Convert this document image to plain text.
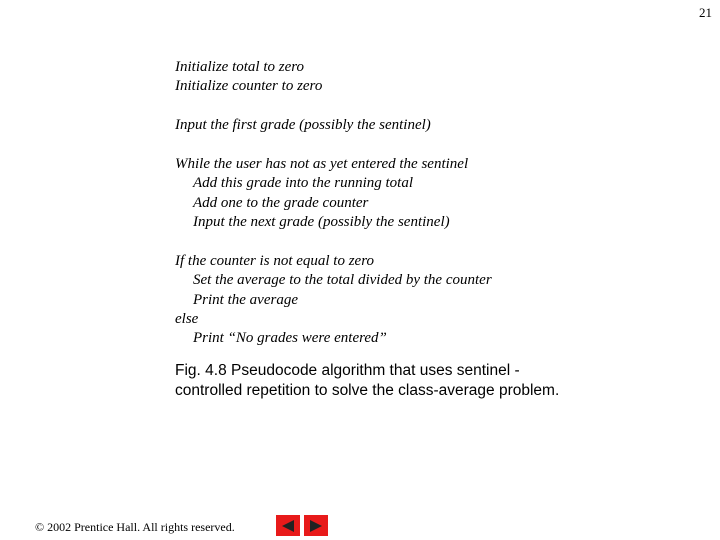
21
Initialize total to zero
Initialize counter to zero
Input the first grade (possibly the sentinel)
While the user has not as yet entered the sentinel
Add this grade into the running total
Add one to the grade counter
Input the next grade (possibly the sentinel)
If the counter is not equal to zero
Set the average to the total divided by the counter
Print the average
else
Print “No grades were entered”
Fig. 4.8 Pseudocode algorithm that uses sentinel -controlled repetition to solve the class-average problem.
© 2002 Prentice Hall. All rights reserved.
